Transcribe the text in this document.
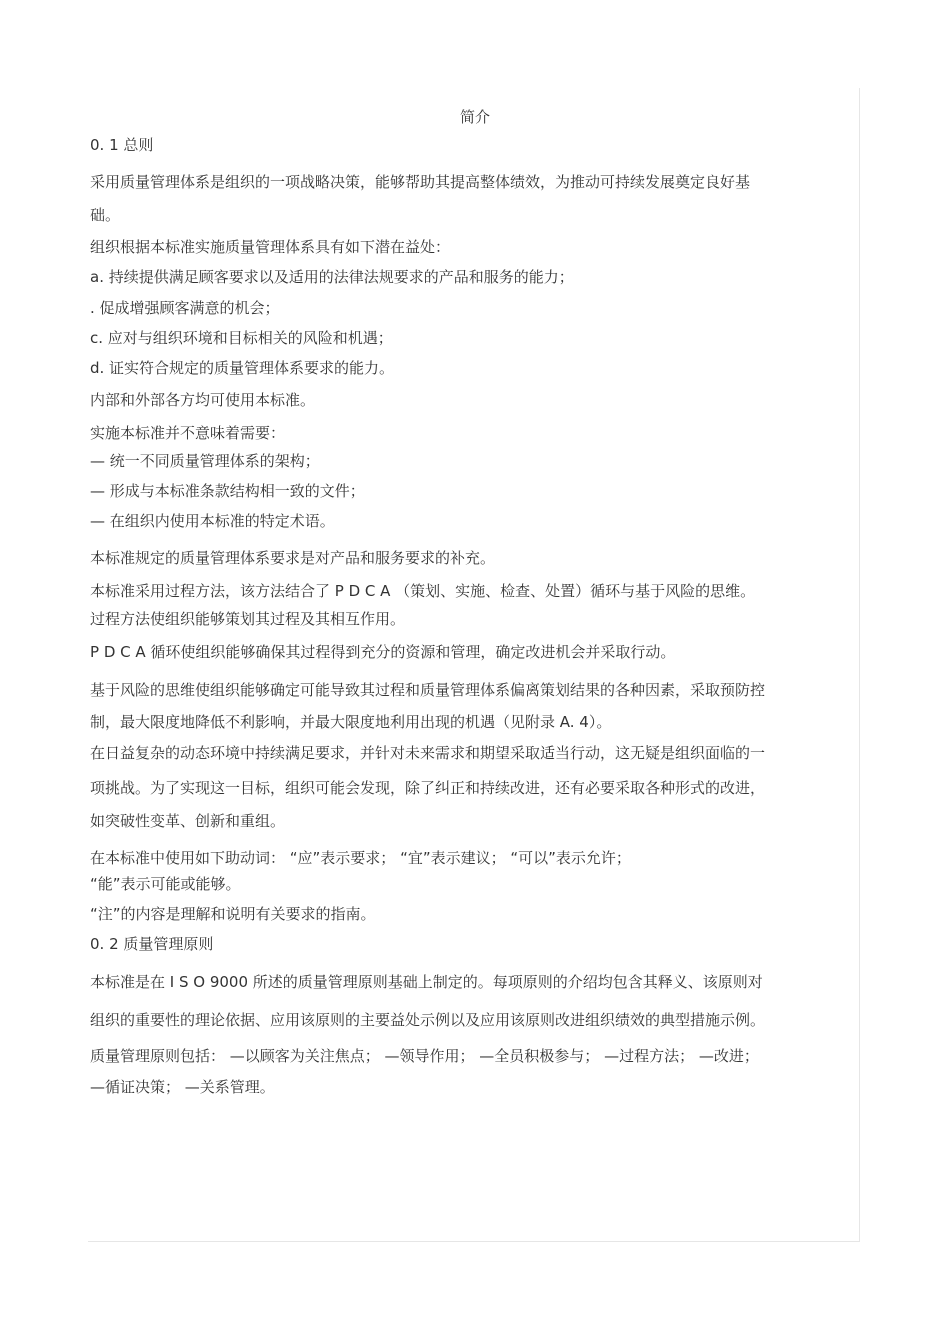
简介
0. 1 总则
采用质量管理体系是组织的一项战略决策，能够帮助其提高整体绩效，为推动可持续发展奠定良好基
础。
组织根据本标准实施质量管理体系具有如下潜在益处：
a. 持续提供满足顾客要求以及适用的法律法规要求的产品和服务的能力；
. 促成增强顾客满意的机会；
c. 应对与组织环境和目标相关的风险和机遇；
d. 证实符合规定的质量管理体系要求的能力。
内部和外部各方均可使用本标准。
实施本标准并不意味着需要：
— 统一不同质量管理体系的架构；
— 形成与本标准条款结构相一致的文件；
— 在组织内使用本标准的特定术语。
本标准规定的质量管理体系要求是对产品和服务要求的补充。
本标准采用过程方法，该方法结合了 P D C A （策划、实施、检查、处置）循环与基于风险的思维。
过程方法使组织能够策划其过程及其相互作用。
P D C A 循环使组织能够确保其过程得到充分的资源和管理，确定改进机会并采取行动。
基于风险的思维使组织能够确定可能导致其过程和质量管理体系偏离策划结果的各种因素，采取预防控
制，最大限度地降低不利影响，并最大限度地利用出现的机遇（见附录 A. 4）。
在日益复杂的动态环境中持续满足要求，并针对未来需求和期望采取适当行动，这无疑是组织面临的一
项挑战。为了实现这一目标，组织可能会发现，除了纠正和持续改进，还有必要采取各种形式的改进，
如突破性变革、创新和重组。
在本标准中使用如下助动词： “应”表示要求； “宜”表示建议； “可以”表示允许；
“能”表示可能或能够。
“注”的内容是理解和说明有关要求的指南。
0. 2 质量管理原则
本标准是在 I S O 9000 所述的质量管理原则基础上制定的。每项原则的介绍均包含其释义、该原则对
组织的重要性的理论依据、应用该原则的主要益处示例以及应用该原则改进组织绩效的典型措施示例。
质量管理原则包括： —以顾客为关注焦点； —领导作用； —全员积极参与； —过程方法； —改进；
—循证决策； —关系管理。
